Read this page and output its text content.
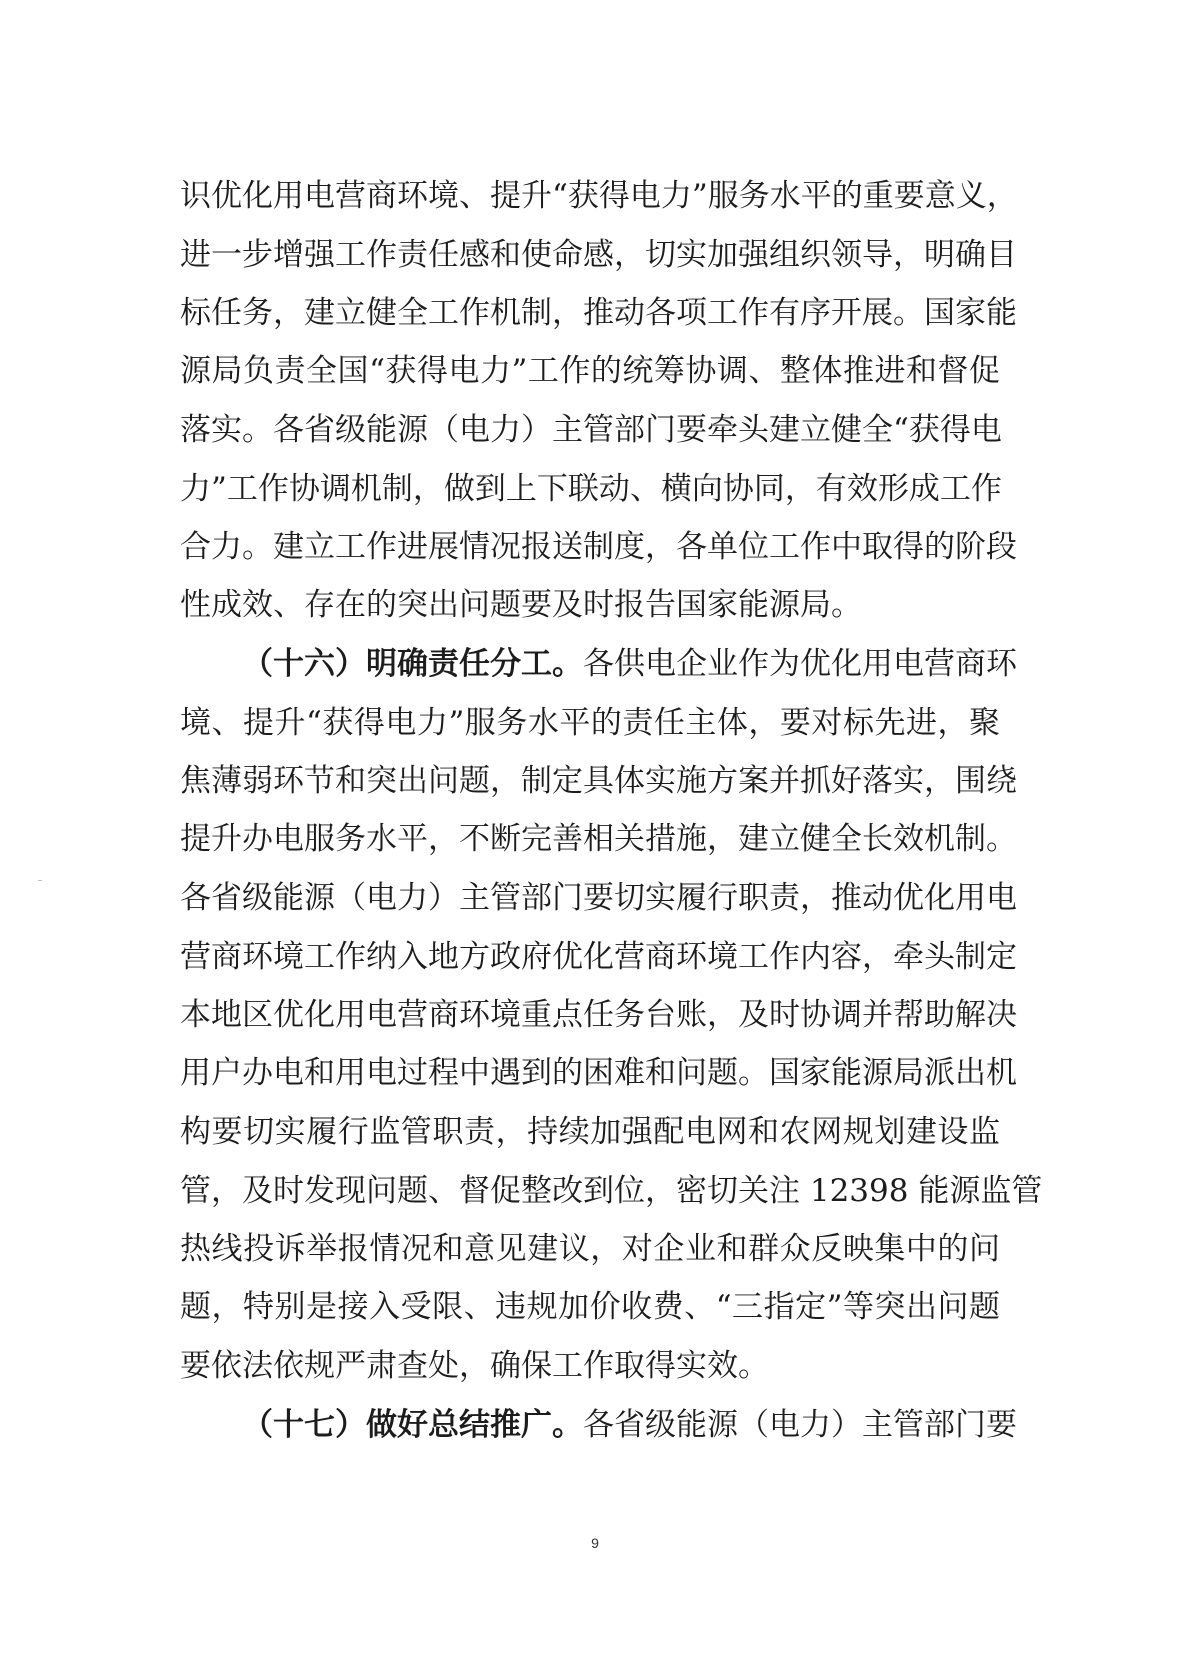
识优化用电营商环境、提升“获得电力”服务水平的重要意义，
进一步增强工作责任感和使命感，切实加强组织领导，明确目
标任务，建立健全工作机制，推动各项工作有序开展。国家能
源局负责全国“获得电力”工作的统筹协调、整体推进和督促
落实。各省级能源（电力）主管部门要牵头建立健全“获得电
力”工作协调机制，做到上下联动、横向协同，有效形成工作
合力。建立工作进展情况报送制度，各单位工作中取得的阶段
性成效、存在的突出问题要及时报告国家能源局。
（十六）明确责任分工。各供电企业作为优化用电营商环
境、提升“获得电力”服务水平的责任主体，要对标先进，聚
焦薄弱环节和突出问题，制定具体实施方案并抓好落实，围绕
提升办电服务水平，不断完善相关措施，建立健全长效机制。
各省级能源（电力）主管部门要切实履行职责，推动优化用电
营商环境工作纳入地方政府优化营商环境工作内容，牵头制定
本地区优化用电营商环境重点任务台账，及时协调并帮助解决
用户办电和用电过程中遇到的困难和问题。国家能源局派出机
构要切实履行监管职责，持续加强配电网和农网规划建设监
管，及时发现问题、督促整改到位，密切关注 12398 能源监管
热线投诉举报情况和意见建议，对企业和群众反映集中的问
题，特别是接入受限、违规加价收费、“三指定”等突出问题
要依法依规严肃查处，确保工作取得实效。
（十七）做好总结推广。各省级能源（电力）主管部门要
9
